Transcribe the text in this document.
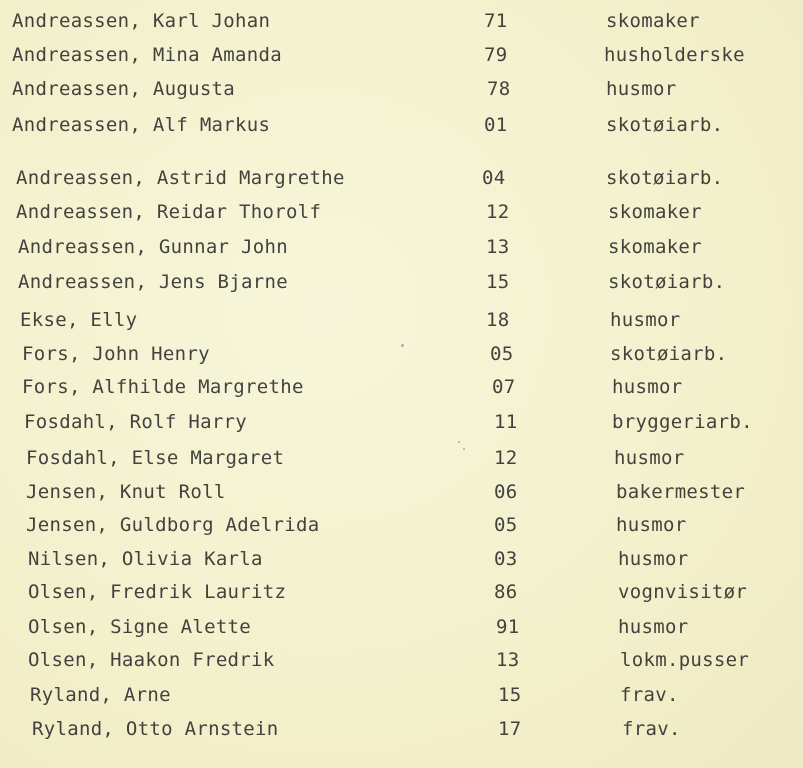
Andreassen, Karl Johan	71	skomaker
Andreassen, Mina Amanda	79	husholderske
Andreassen, Augusta	78	husmor
Andreassen, Alf Markus	01	skotøiarb.
Andreassen, Astrid Margrethe	04	skotøiarb.
Andreassen, Reidar Thorolf	12	skomaker
Andreassen, Gunnar John	13	skomaker
Andreassen, Jens Bjarne	15	skotøiarb.
Ekse, Elly	18	husmor
Fors, John Henry	05	skotøiarb.
Fors, Alfhilde Margrethe	07	husmor
Fosdahl, Rolf Harry	11	bryggeriarb.
Fosdahl, Else Margaret	12	husmor
Jensen, Knut Roll	06	bakermester
Jensen, Guldborg Adelrida	05	husmor
Nilsen, Olivia Karla	03	husmor
Olsen, Fredrik Lauritz	86	vognvisitør
Olsen, Signe Alette	91	husmor
Olsen, Haakon Fredrik	13	lokm.pusser
Ryland, Arne	15	frav.
Ryland, Otto Arnstein	17	frav.
